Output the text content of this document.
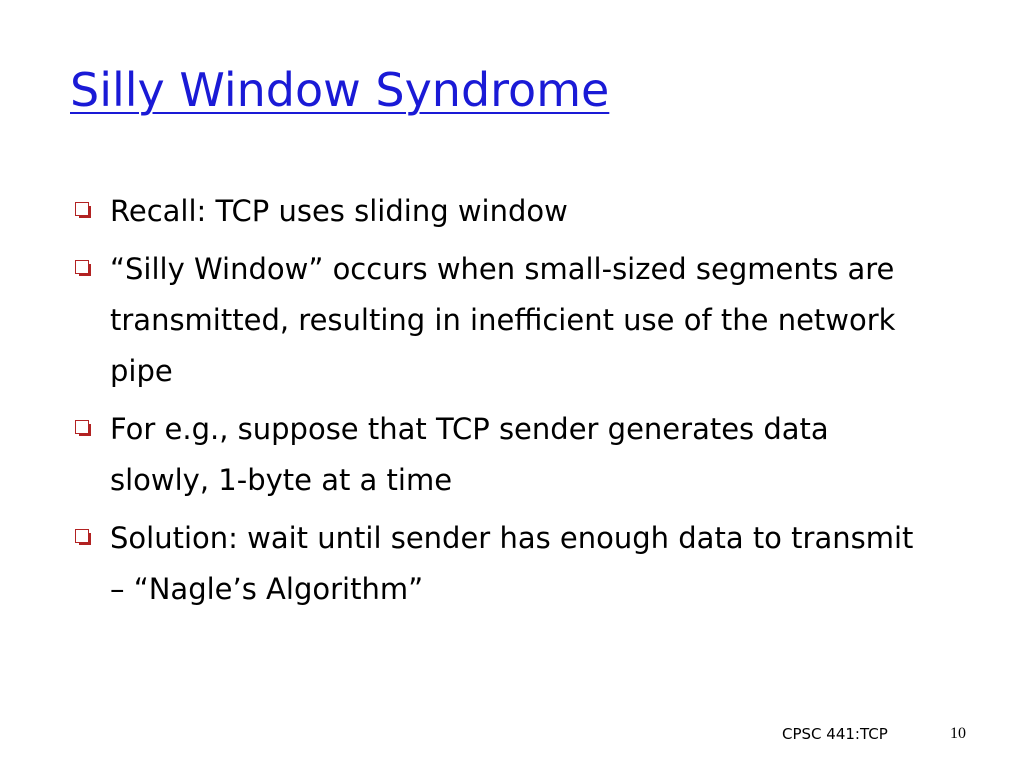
Silly Window Syndrome
Recall: TCP uses sliding window
“Silly Window” occurs when small-sized segments are transmitted, resulting in inefficient use of the network pipe
For e.g., suppose that TCP sender generates data slowly, 1-byte at a time
Solution: wait until sender has enough data to transmit – “Nagle’s Algorithm”
CPSC 441:TCP	10
